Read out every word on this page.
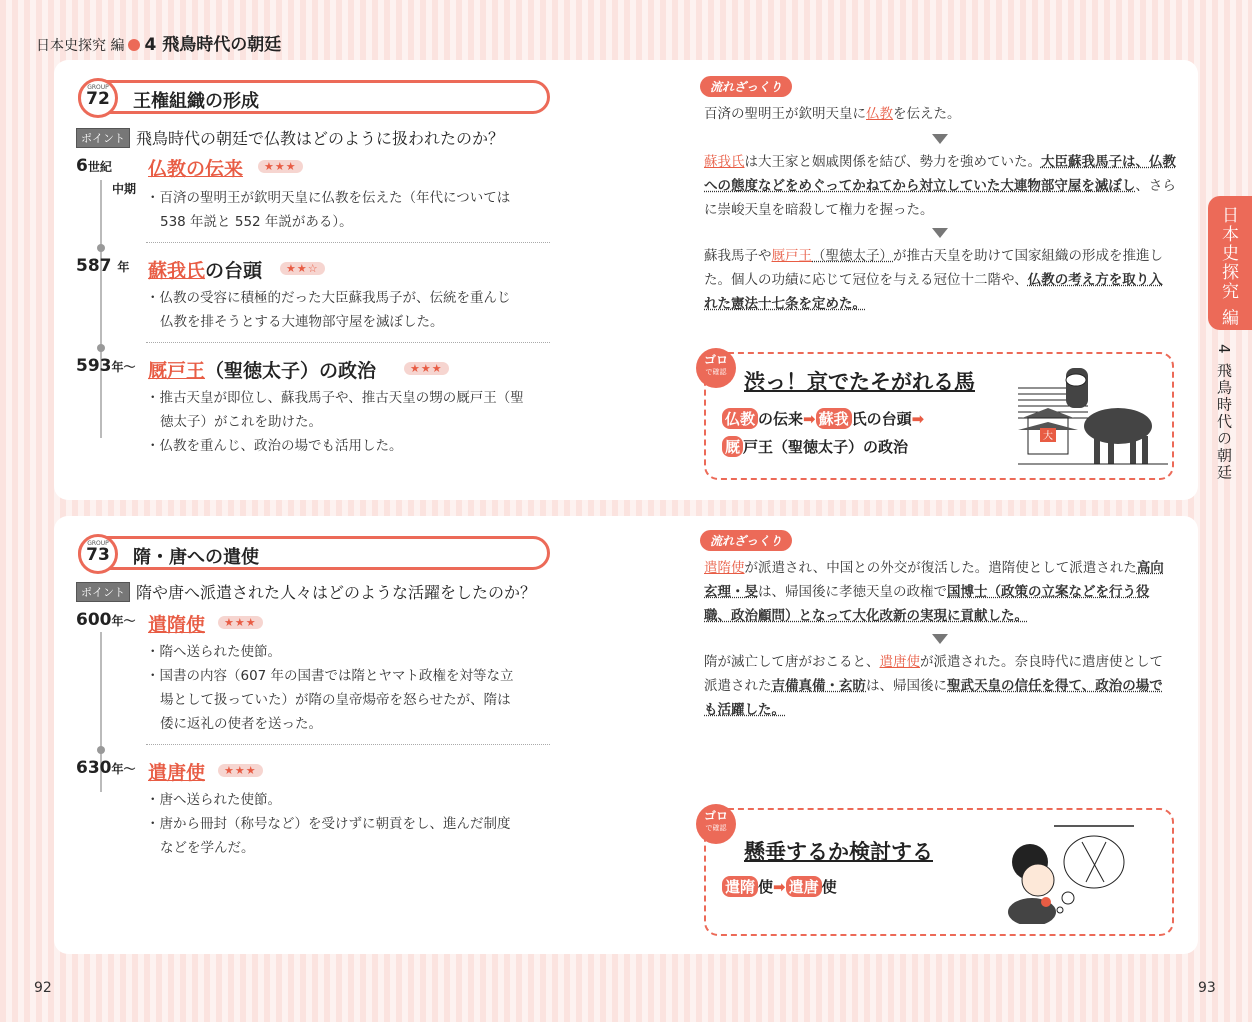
日本史探究 編 4 飛鳥時代の朝廷
日本史探究 編
4 飛鳥時代の朝廷
王権組織の形成
GROUP
72
ポイント 飛鳥時代の朝廷で仏教はどのように扱われたのか？
6世紀
中期
仏教の伝来	★★★
・百済の聖明王が欽明天皇に仏教を伝えた（年代については
538 年説と 552 年説がある）。
587 年 蘇我氏の台頭	★★☆
・仏教の受容に積極的だった大臣蘇我馬子が、伝統を重んじ
仏教を排そうとする大連物部守屋を滅ぼした。
593年～ 厩戸王（聖徳太子）の政治	★★★
・推古天皇が即位し、蘇我馬子や、推古天皇の甥の厩戸王（聖
徳太子）がこれを助けた。
・仏教を重んじ、政治の場でも活用した。
流れざっくり
百済の聖明王が欽明天皇に仏教を伝えた。
蘇我氏は大王家と姻戚関係を結び、勢力を強めていた。大臣蘇我馬子は、仏教への態度などをめぐってかねてから対立していた大連物部守屋を滅ぼし、さらに崇峻天皇を暗殺して権力を握った。
蘇我馬子や厩戸王（聖徳太子）が推古天皇を助けて国家組織の形成を推進した。個人の功績に応じて冠位を与える冠位十二階や、仏教の考え方を取り入れた憲法十七条を定めた。
ゴロ
で確認 渋っ！京でたそがれる馬
仏教 の伝来➡ 蘇我 氏の台頭➡
厩 戸王（聖徳太子）の政治
大
隋・唐への遣使
GROUP
73
ポイント 隋や唐へ派遣された人々はどのような活躍をしたのか？
600年～ 遣隋使	★★★
・隋へ送られた使節。
・国書の内容（607 年の国書では隋とヤマト政権を対等な立
場として扱っていた）が隋の皇帝煬帝を怒らせたが、隋は
倭に返礼の使者を送った。
630年～ 遣唐使	★★★
・唐へ送られた使節。
・唐から冊封（称号など）を受けずに朝貢をし、進んだ制度
などを学んだ。
流れざっくり
遣隋使が派遣され、中国との外交が復活した。遣隋使として派遣された高向玄理・旻は、帰国後に孝徳天皇の政権で国博士（政策の立案などを行う役職、政治顧問）となって大化改新の実現に貢献した。
隋が滅亡して唐がおこると、遣唐使が派遣された。奈良時代に遣唐使として派遣された吉備真備・玄昉は、帰国後に聖武天皇の信任を得て、政治の場でも活躍した。
ゴロ
で確認
懸垂するか検討する
遣隋 使➡ 遣唐 使
92	93
